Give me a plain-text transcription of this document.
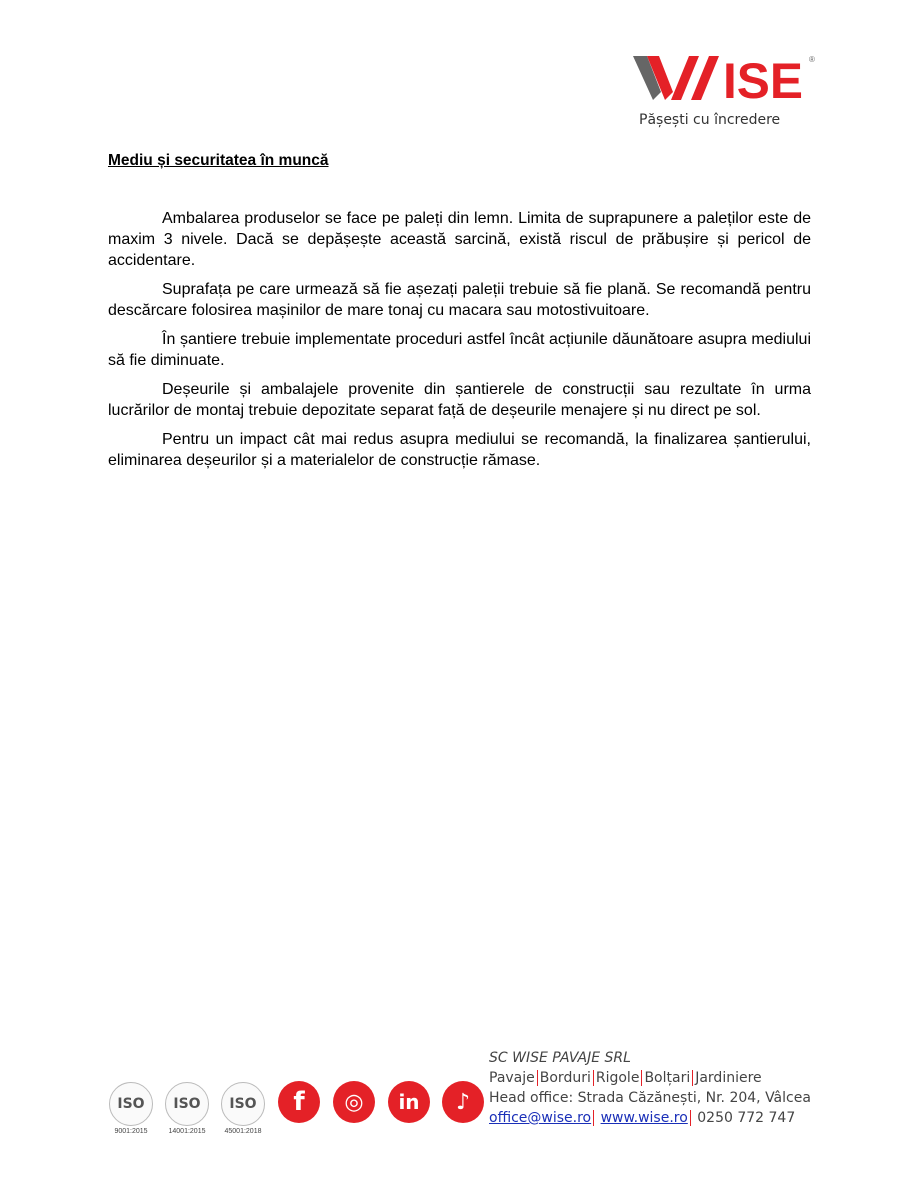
ISE ®
Pășești cu încredere
Mediu și securitatea în muncă

Ambalarea produselor se face pe paleți din lemn. Limita de suprapunere a paleților este de maxim 3 nivele. Dacă se depășește această sarcină, există riscul de prăbușire și pericol de accidentare.

Suprafața pe care urmează să fie așezați paleții trebuie să fie plană. Se recomandă pentru descărcare folosirea mașinilor de mare tonaj cu macara sau motostivuitoare.

În șantiere trebuie implementate proceduri astfel încât acțiunile dăunătoare asupra mediului să fie diminuate.

Deșeurile și ambalajele provenite din șantierele de construcții sau rezultate în urma lucrărilor de montaj trebuie depozitate separat față de deșeurile menajere și nu direct pe sol.

Pentru un impact cât mai redus asupra mediului se recomandă, la finalizarea șantierului, eliminarea deșeurilor și a materialelor de construcție rămase.

ISO
9001:2015
ISO
14001:2015
ISO
45001:2018
f	◎	in	♪
SC WISE PAVAJE SRL
Pavaje Borduri Rigole Bolțari Jardiniere
Head office: Strada Căzănești, Nr. 204, Vâlcea
office@wise.ro www.wise.ro 0250 772 747
